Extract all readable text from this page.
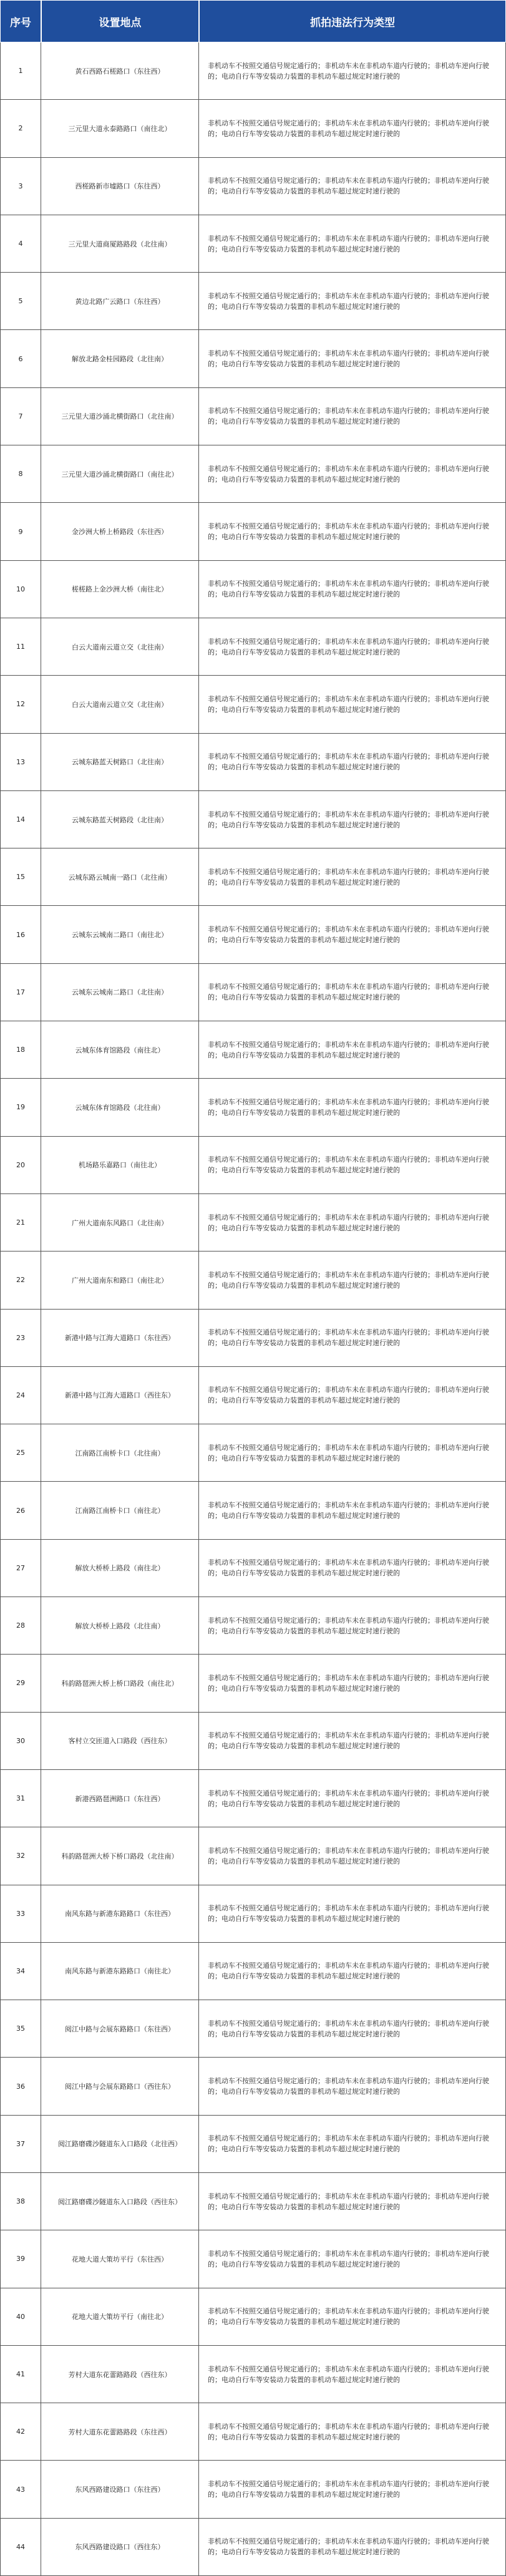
序号	设置地点	抓拍违法行为类型
1	黄石西路石槎路口（东往西）
非机动车不按照交通信号规定通行的；非机动车未在非机动车道内行驶的；非机动车逆向行驶的；电动自行车等安装动力装置的非机动车超过规定时速行驶的
2	三元里大道永泰路路口（南往北）
非机动车不按照交通信号规定通行的；非机动车未在非机动车道内行驶的；非机动车逆向行驶的；电动自行车等安装动力装置的非机动车超过规定时速行驶的
3	西槎路新市墟路口（东往西）
非机动车不按照交通信号规定通行的；非机动车未在非机动车道内行驶的；非机动车逆向行驶的；电动自行车等安装动力装置的非机动车超过规定时速行驶的
4	三元里大道商厦路路段（北往南）
非机动车不按照交通信号规定通行的；非机动车未在非机动车道内行驶的；非机动车逆向行驶的；电动自行车等安装动力装置的非机动车超过规定时速行驶的
5	黄边北路广云路口（东往西）
非机动车不按照交通信号规定通行的；非机动车未在非机动车道内行驶的；非机动车逆向行驶的；电动自行车等安装动力装置的非机动车超过规定时速行驶的
6	解放北路金桂园路段（北往南）
非机动车不按照交通信号规定通行的；非机动车未在非机动车道内行驶的；非机动车逆向行驶的；电动自行车等安装动力装置的非机动车超过规定时速行驶的
7	三元里大道沙涌北横街路口（北往南）
非机动车不按照交通信号规定通行的；非机动车未在非机动车道内行驶的；非机动车逆向行驶的；电动自行车等安装动力装置的非机动车超过规定时速行驶的
8	三元里大道沙涌北横街路口（南往北）
非机动车不按照交通信号规定通行的；非机动车未在非机动车道内行驶的；非机动车逆向行驶的；电动自行车等安装动力装置的非机动车超过规定时速行驶的
9	金沙洲大桥上桥路段（东往西）
非机动车不按照交通信号规定通行的；非机动车未在非机动车道内行驶的；非机动车逆向行驶的；电动自行车等安装动力装置的非机动车超过规定时速行驶的
10	槎槎路上金沙洲大桥（南往北）
非机动车不按照交通信号规定通行的；非机动车未在非机动车道内行驶的；非机动车逆向行驶的；电动自行车等安装动力装置的非机动车超过规定时速行驶的
11	白云大道南云道立交（北往南）
非机动车不按照交通信号规定通行的；非机动车未在非机动车道内行驶的；非机动车逆向行驶的；电动自行车等安装动力装置的非机动车超过规定时速行驶的
12	白云大道南云道立交（北往南）
非机动车不按照交通信号规定通行的；非机动车未在非机动车道内行驶的；非机动车逆向行驶的；电动自行车等安装动力装置的非机动车超过规定时速行驶的
13	云城东路蓝天树路口（北往南）
非机动车不按照交通信号规定通行的；非机动车未在非机动车道内行驶的；非机动车逆向行驶的；电动自行车等安装动力装置的非机动车超过规定时速行驶的
14	云城东路蓝天树路段（北往南）
非机动车不按照交通信号规定通行的；非机动车未在非机动车道内行驶的；非机动车逆向行驶的；电动自行车等安装动力装置的非机动车超过规定时速行驶的
15	云城东路云城南一路口（北往南）
非机动车不按照交通信号规定通行的；非机动车未在非机动车道内行驶的；非机动车逆向行驶的；电动自行车等安装动力装置的非机动车超过规定时速行驶的
16	云城东云城南二路口（南往北）
非机动车不按照交通信号规定通行的；非机动车未在非机动车道内行驶的；非机动车逆向行驶的；电动自行车等安装动力装置的非机动车超过规定时速行驶的
17	云城东云城南二路口（北往南）
非机动车不按照交通信号规定通行的；非机动车未在非机动车道内行驶的；非机动车逆向行驶的；电动自行车等安装动力装置的非机动车超过规定时速行驶的
18	云城东体育馆路段（南往北）
非机动车不按照交通信号规定通行的；非机动车未在非机动车道内行驶的；非机动车逆向行驶的；电动自行车等安装动力装置的非机动车超过规定时速行驶的
19	云城东体育馆路段（北往南）
非机动车不按照交通信号规定通行的；非机动车未在非机动车道内行驶的；非机动车逆向行驶的；电动自行车等安装动力装置的非机动车超过规定时速行驶的
20	机场路乐嘉路口（南往北）
非机动车不按照交通信号规定通行的；非机动车未在非机动车道内行驶的；非机动车逆向行驶的；电动自行车等安装动力装置的非机动车超过规定时速行驶的
21	广州大道南东风路口（北往南）
非机动车不按照交通信号规定通行的；非机动车未在非机动车道内行驶的；非机动车逆向行驶的；电动自行车等安装动力装置的非机动车超过规定时速行驶的
22	广州大道南东和路口（南往北）
非机动车不按照交通信号规定通行的；非机动车未在非机动车道内行驶的；非机动车逆向行驶的；电动自行车等安装动力装置的非机动车超过规定时速行驶的
23	新港中路与江海大道路口（东往西）
非机动车不按照交通信号规定通行的；非机动车未在非机动车道内行驶的；非机动车逆向行驶的；电动自行车等安装动力装置的非机动车超过规定时速行驶的
24	新港中路与江海大道路口（西往东）
非机动车不按照交通信号规定通行的；非机动车未在非机动车道内行驶的；非机动车逆向行驶的；电动自行车等安装动力装置的非机动车超过规定时速行驶的
25	江南路江南桥卡口（北往南）
非机动车不按照交通信号规定通行的；非机动车未在非机动车道内行驶的；非机动车逆向行驶的；电动自行车等安装动力装置的非机动车超过规定时速行驶的
26	江南路江南桥卡口（南往北）
非机动车不按照交通信号规定通行的；非机动车未在非机动车道内行驶的；非机动车逆向行驶的；电动自行车等安装动力装置的非机动车超过规定时速行驶的
27	解放大桥桥上路段（南往北）
非机动车不按照交通信号规定通行的；非机动车未在非机动车道内行驶的；非机动车逆向行驶的；电动自行车等安装动力装置的非机动车超过规定时速行驶的
28	解放大桥桥上路段（北往南）
非机动车不按照交通信号规定通行的；非机动车未在非机动车道内行驶的；非机动车逆向行驶的；电动自行车等安装动力装置的非机动车超过规定时速行驶的
29	科韵路琶洲大桥上桥口路段（南往北）
非机动车不按照交通信号规定通行的；非机动车未在非机动车道内行驶的；非机动车逆向行驶的；电动自行车等安装动力装置的非机动车超过规定时速行驶的
30	客村立交匝道入口路段（西往东）
非机动车不按照交通信号规定通行的；非机动车未在非机动车道内行驶的；非机动车逆向行驶的；电动自行车等安装动力装置的非机动车超过规定时速行驶的
31	新港西路琶洲路口（东往西）
非机动车不按照交通信号规定通行的；非机动车未在非机动车道内行驶的；非机动车逆向行驶的；电动自行车等安装动力装置的非机动车超过规定时速行驶的
32	科韵路琶洲大桥下桥口路段（北往南）
非机动车不按照交通信号规定通行的；非机动车未在非机动车道内行驶的；非机动车逆向行驶的；电动自行车等安装动力装置的非机动车超过规定时速行驶的
33	南风东路与新港东路路口（东往西）
非机动车不按照交通信号规定通行的；非机动车未在非机动车道内行驶的；非机动车逆向行驶的；电动自行车等安装动力装置的非机动车超过规定时速行驶的
34	南风东路与新港东路路口（南往北）
非机动车不按照交通信号规定通行的；非机动车未在非机动车道内行驶的；非机动车逆向行驶的；电动自行车等安装动力装置的非机动车超过规定时速行驶的
35	阅江中路与会展东路路口（东往西）
非机动车不按照交通信号规定通行的；非机动车未在非机动车道内行驶的；非机动车逆向行驶的；电动自行车等安装动力装置的非机动车超过规定时速行驶的
36	阅江中路与会展东路路口（西往东）
非机动车不按照交通信号规定通行的；非机动车未在非机动车道内行驶的；非机动车逆向行驶的；电动自行车等安装动力装置的非机动车超过规定时速行驶的
37	阅江路磨碟沙隧道东入口路段（北往西）
非机动车不按照交通信号规定通行的；非机动车未在非机动车道内行驶的；非机动车逆向行驶的；电动自行车等安装动力装置的非机动车超过规定时速行驶的
38	阅江路磨碟沙隧道东入口路段（西往东）
非机动车不按照交通信号规定通行的；非机动车未在非机动车道内行驶的；非机动车逆向行驶的；电动自行车等安装动力装置的非机动车超过规定时速行驶的
39	花地大道大策坊平行（东往西）
非机动车不按照交通信号规定通行的；非机动车未在非机动车道内行驶的；非机动车逆向行驶的；电动自行车等安装动力装置的非机动车超过规定时速行驶的
40	花地大道大策坊平行（南往北）
非机动车不按照交通信号规定通行的；非机动车未在非机动车道内行驶的；非机动车逆向行驶的；电动自行车等安装动力装置的非机动车超过规定时速行驶的
41	芳村大道东花蕾路路段（西往东）
非机动车不按照交通信号规定通行的；非机动车未在非机动车道内行驶的；非机动车逆向行驶的；电动自行车等安装动力装置的非机动车超过规定时速行驶的
42	芳村大道东花蕾路路段（东往西）
非机动车不按照交通信号规定通行的；非机动车未在非机动车道内行驶的；非机动车逆向行驶的；电动自行车等安装动力装置的非机动车超过规定时速行驶的
43	东风西路建设路口（东往西）
非机动车不按照交通信号规定通行的；非机动车未在非机动车道内行驶的；非机动车逆向行驶的；电动自行车等安装动力装置的非机动车超过规定时速行驶的
44	东风西路建设路口（西往东）
非机动车不按照交通信号规定通行的；非机动车未在非机动车道内行驶的；非机动车逆向行驶的；电动自行车等安装动力装置的非机动车超过规定时速行驶的
